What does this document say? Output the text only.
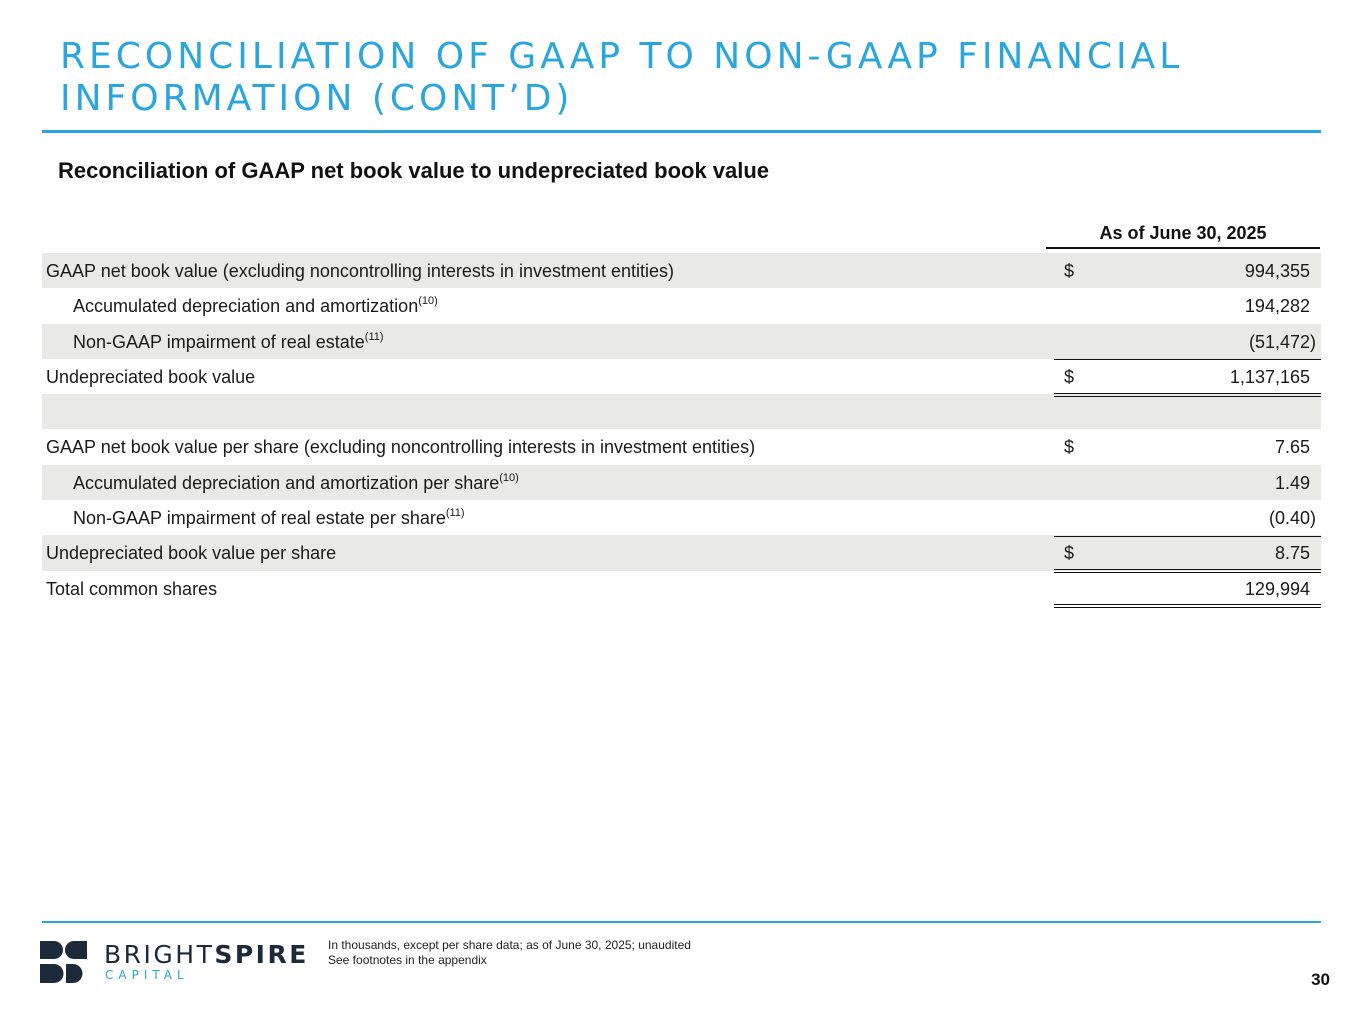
RECONCILIATION OF GAAP TO NON-GAAP FINANCIAL INFORMATION (CONT’D)
Reconciliation of GAAP net book value to undepreciated book value
As of June 30, 2025
GAAP net book value (excluding noncontrolling interests in investment entities)	$	994,355
Accumulated depreciation and amortization$^{(10)}$	194,282
Non-GAAP impairment of real estate$^{(11)}$	(51,472)
Undepreciated book value	$	1,137,165
GAAP net book value per share (excluding noncontrolling interests in investment entities)	$	7.65
Accumulated depreciation and amortization per share$^{(10)}$	1.49
Non-GAAP impairment of real estate per share$^{(11)}$	(0.40)
Undepreciated book value per share	$	8.75
Total common shares	129,994
BRIGHTSPIRE
CAPITAL
In thousands, except per share data; as of June 30, 2025; unaudited
See footnotes in the appendix
30
